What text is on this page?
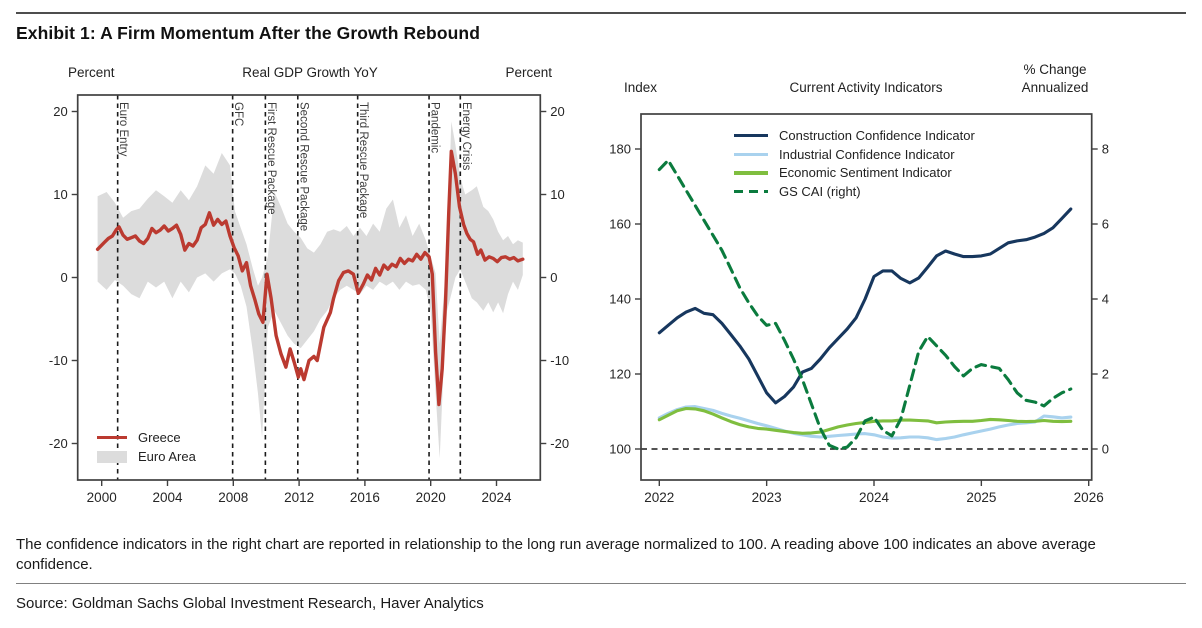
Euro Entry	GFC First Rescue Package Second Rescue Package	Third Rescue Package	Pandemic Energy Crisis
20	20
10	10
0	0
-10	-10
-20	-20
2000	2004	2008	2012	2016	2020	2024
100
120
140
160
180
0
2
4
6
8
2022	2023	2024	2025	2026
Exhibit 1: A Firm Momentum After the Growth Rebound
Percent	Real GDP Growth YoY	Percent
Index	Current Activity Indicators
% Change Annualized
Greece
Euro Area
Construction Confidence Indicator
Industrial Confidence Indicator
Economic Sentiment Indicator
GS CAI (right)
The confidence indicators in the right chart are reported in relationship to the long run average normalized to 100. A reading above 100 indicates an above average confidence.
Source: Goldman Sachs Global Investment Research, Haver Analytics
